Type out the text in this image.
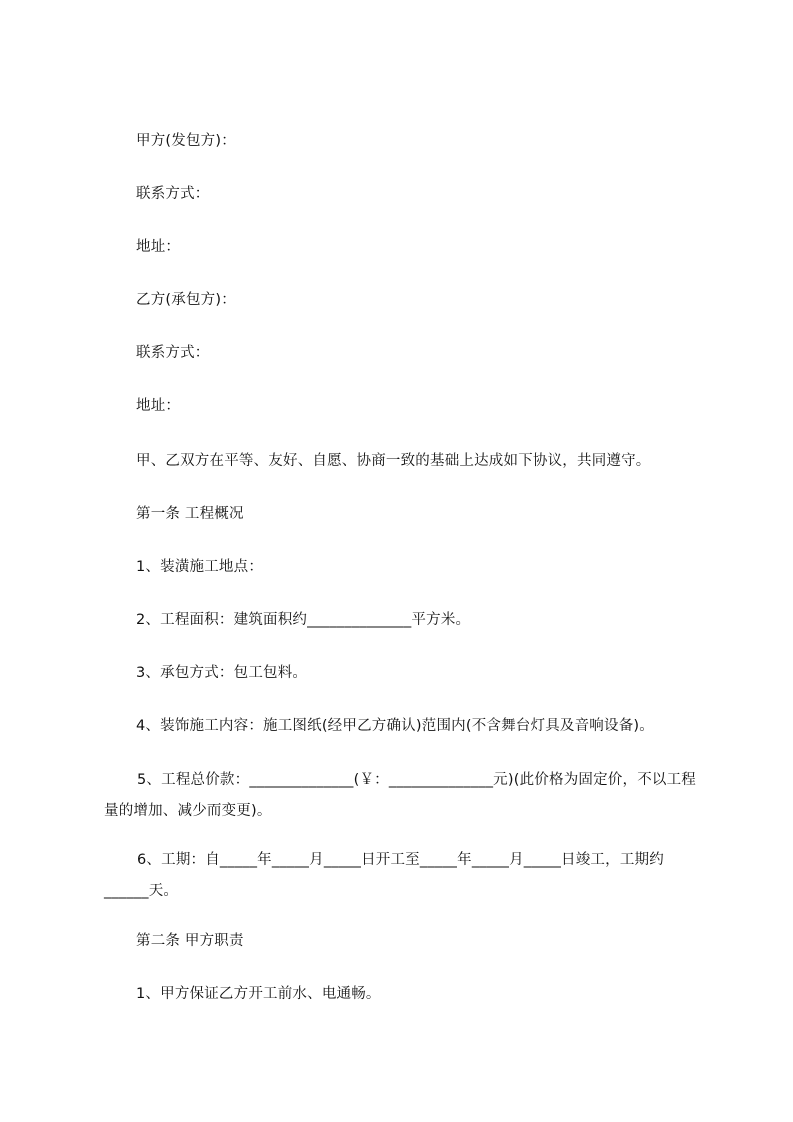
甲方(发包方)：
联系方式：
地址：
乙方(承包方)：
联系方式：
地址：
甲、乙双方在平等、友好、自愿、协商一致的基础上达成如下协议，共同遵守。
第一条 工程概况
1、装潢施工地点：
2、工程面积：建筑面积约______________平方米。
3、承包方式：包工包料。
4、装饰施工内容：施工图纸(经甲乙方确认)范围内(不含舞台灯具及音响设备)。
5、工程总价款：______________(￥：______________元)(此价格为固定价，不以工程量的增加、减少而变更)。
6、工期：自_____年_____月_____日开工至_____年_____月_____日竣工，工期约______天。
第二条 甲方职责
1、甲方保证乙方开工前水、电通畅。
